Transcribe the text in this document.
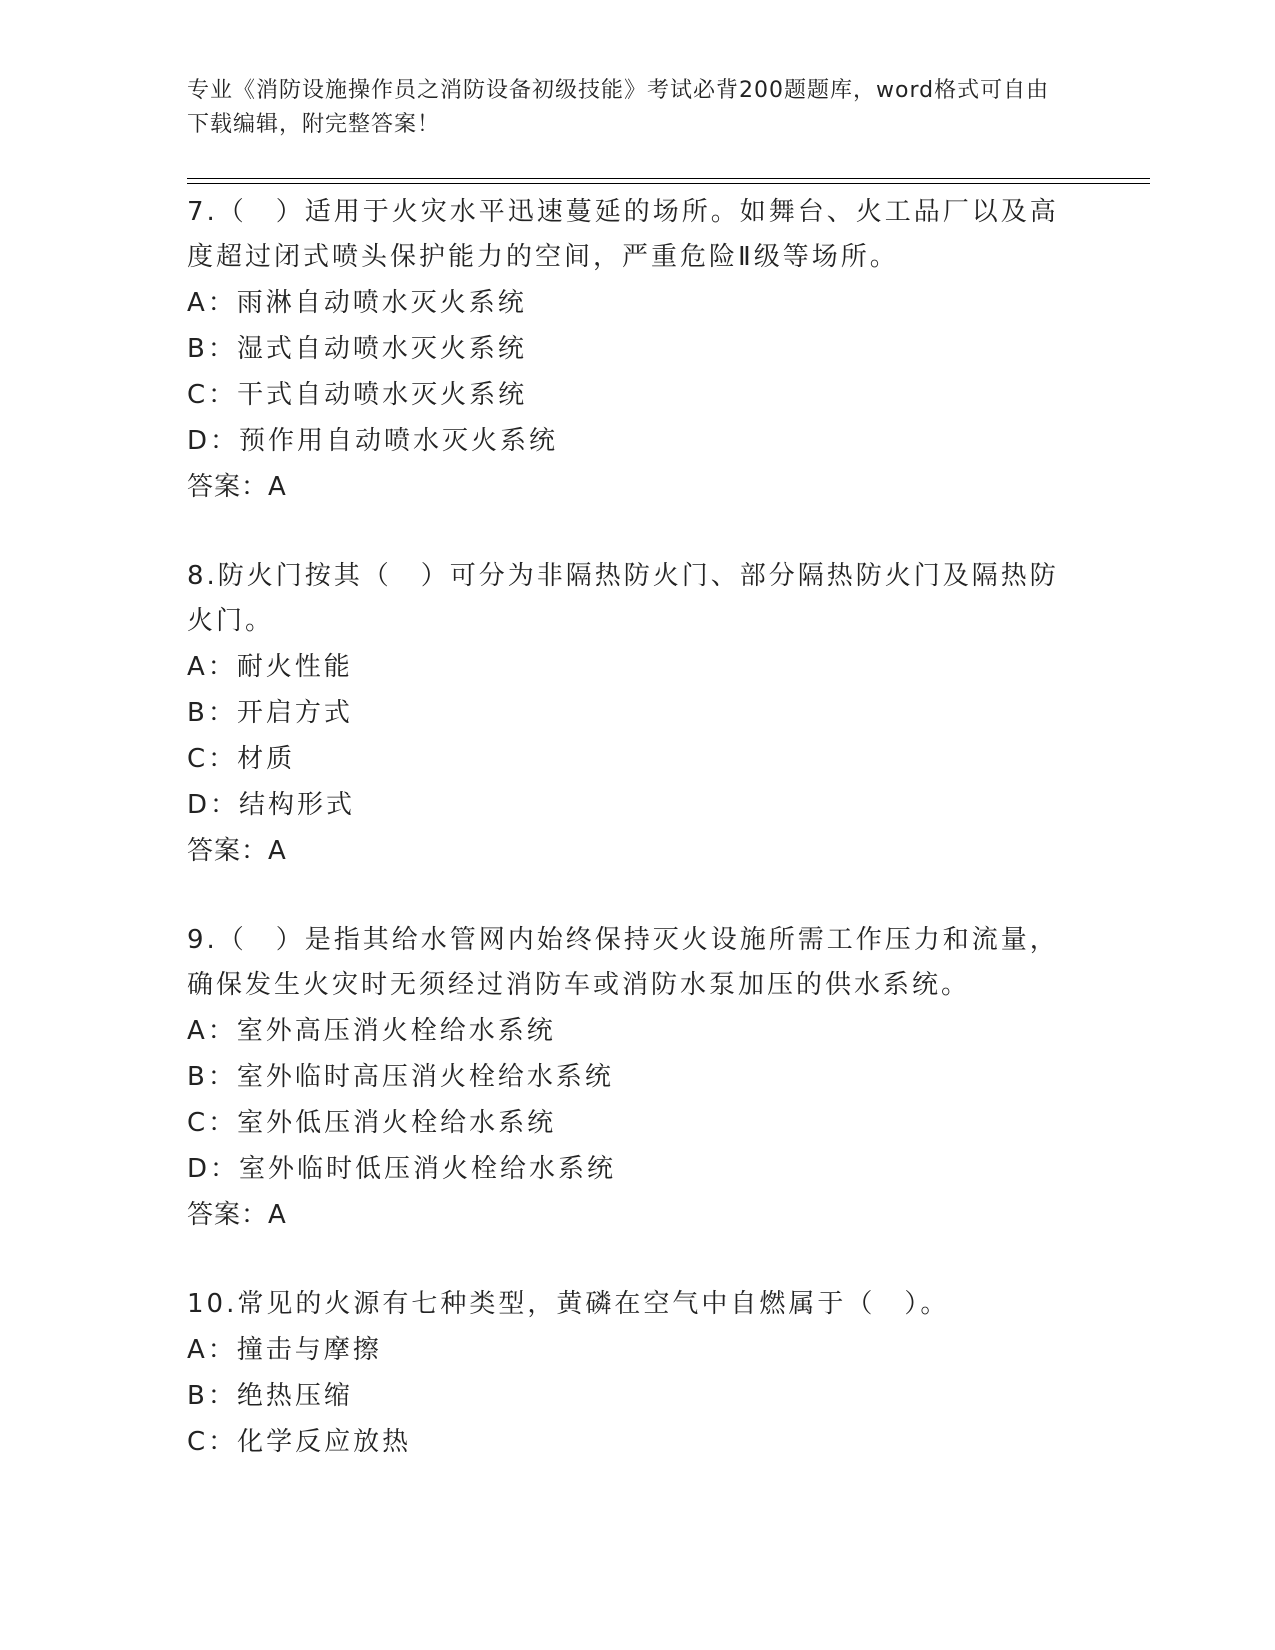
专业《消防设施操作员之消防设备初级技能》考试必背200题题库，word格式可自由下载编辑，附完整答案！
7.（　）适用于火灾水平迅速蔓延的场所。如舞台、火工品厂以及高度超过闭式喷头保护能力的空间，严重危险Ⅱ级等场所。
A：雨淋自动喷水灭火系统
B：湿式自动喷水灭火系统
C：干式自动喷水灭火系统
D：预作用自动喷水灭火系统
答案：A
8.防火门按其（　）可分为非隔热防火门、部分隔热防火门及隔热防火门。
A：耐火性能
B：开启方式
C：材质
D：结构形式
答案：A
9.（　）是指其给水管网内始终保持灭火设施所需工作压力和流量，确保发生火灾时无须经过消防车或消防水泵加压的供水系统。
A：室外高压消火栓给水系统
B：室外临时高压消火栓给水系统
C：室外低压消火栓给水系统
D：室外临时低压消火栓给水系统
答案：A
10.常见的火源有七种类型，黄磷在空气中自燃属于（　）。
A：撞击与摩擦
B：绝热压缩
C：化学反应放热
